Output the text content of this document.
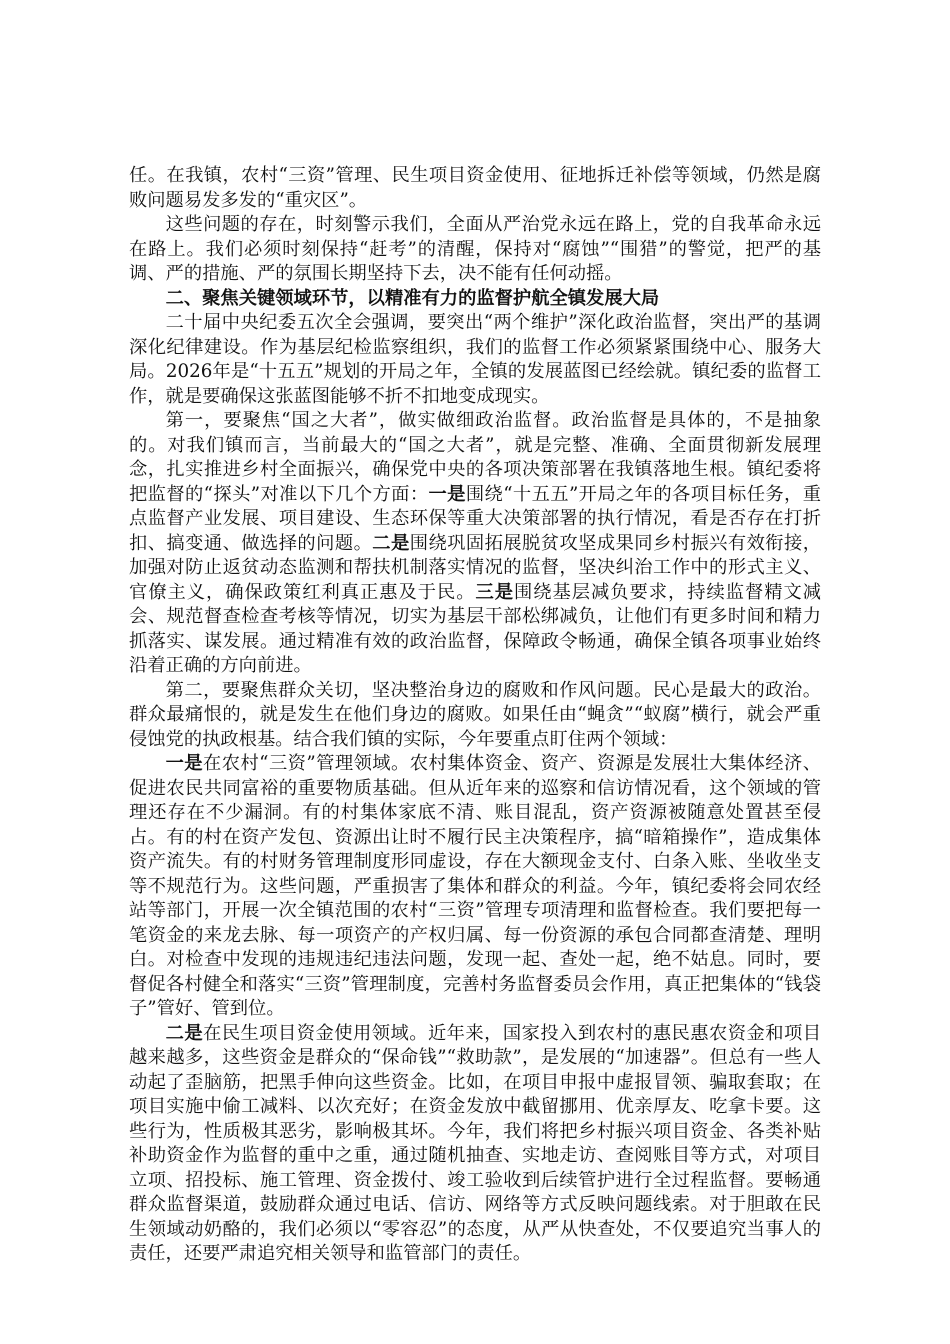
任。在我镇，农村“三资”管理、民生项目资金使用、征地拆迁补偿等领域，仍然是腐败问题易发多发的“重灾区”。

这些问题的存在，时刻警示我们，全面从严治党永远在路上，党的自我革命永远在路上。我们必须时刻保持“赶考”的清醒，保持对“腐蚀”“围猎”的警觉，把严的基调、严的措施、严的氛围长期坚持下去，决不能有任何动摇。

二、聚焦关键领域环节，以精准有力的监督护航全镇发展大局

二十届中央纪委五次全会强调，要突出“两个维护”深化政治监督，突出严的基调深化纪律建设。作为基层纪检监察组织，我们的监督工作必须紧紧围绕中心、服务大局。2026年是“十五五”规划的开局之年，全镇的发展蓝图已经绘就。镇纪委的监督工作，就是要确保这张蓝图能够不折不扣地变成现实。

第一，要聚焦“国之大者”，做实做细政治监督。政治监督是具体的，不是抽象的。对我们镇而言，当前最大的“国之大者”，就是完整、准确、全面贯彻新发展理念，扎实推进乡村全面振兴，确保党中央的各项决策部署在我镇落地生根。镇纪委将把监督的“探头”对准以下几个方面：一是围绕“十五五”开局之年的各项目标任务，重点监督产业发展、项目建设、生态环保等重大决策部署的执行情况，看是否存在打折扣、搞变通、做选择的问题。二是围绕巩固拓展脱贫攻坚成果同乡村振兴有效衔接，加强对防止返贫动态监测和帮扶机制落实情况的监督，坚决纠治工作中的形式主义、官僚主义，确保政策红利真正惠及于民。三是围绕基层减负要求，持续监督精文减会、规范督查检查考核等情况，切实为基层干部松绑减负，让他们有更多时间和精力抓落实、谋发展。通过精准有效的政治监督，保障政令畅通，确保全镇各项事业始终沿着正确的方向前进。

第二，要聚焦群众关切，坚决整治身边的腐败和作风问题。民心是最大的政治。群众最痛恨的，就是发生在他们身边的腐败。如果任由“蝇贪”“蚁腐”横行，就会严重侵蚀党的执政根基。结合我们镇的实际，今年要重点盯住两个领域：

一是在农村“三资”管理领域。农村集体资金、资产、资源是发展壮大集体经济、促进农民共同富裕的重要物质基础。但从近年来的巡察和信访情况看，这个领域的管理还存在不少漏洞。有的村集体家底不清、账目混乱，资产资源被随意处置甚至侵占。有的村在资产发包、资源出让时不履行民主决策程序，搞“暗箱操作”，造成集体资产流失。有的村财务管理制度形同虚设，存在大额现金支付、白条入账、坐收坐支等不规范行为。这些问题，严重损害了集体和群众的利益。今年，镇纪委将会同农经站等部门，开展一次全镇范围的农村“三资”管理专项清理和监督检查。我们要把每一笔资金的来龙去脉、每一项资产的产权归属、每一份资源的承包合同都查清楚、理明白。对检查中发现的违规违纪违法问题，发现一起、查处一起，绝不姑息。同时，要督促各村健全和落实“三资”管理制度，完善村务监督委员会作用，真正把集体的“钱袋子”管好、管到位。

二是在民生项目资金使用领域。近年来，国家投入到农村的惠民惠农资金和项目越来越多，这些资金是群众的“保命钱”“救助款”，是发展的“加速器”。但总有一些人动起了歪脑筋，把黑手伸向这些资金。比如，在项目申报中虚报冒领、骗取套取；在项目实施中偷工减料、以次充好；在资金发放中截留挪用、优亲厚友、吃拿卡要。这些行为，性质极其恶劣，影响极其坏。今年，我们将把乡村振兴项目资金、各类补贴补助资金作为监督的重中之重，通过随机抽查、实地走访、查阅账目等方式，对项目立项、招投标、施工管理、资金拨付、竣工验收到后续管护进行全过程监督。要畅通群众监督渠道，鼓励群众通过电话、信访、网络等方式反映问题线索。对于胆敢在民生领域动奶酪的，我们必须以“零容忍”的态度，从严从快查处，不仅要追究当事人的责任，还要严肃追究相关领导和监管部门的责任。
